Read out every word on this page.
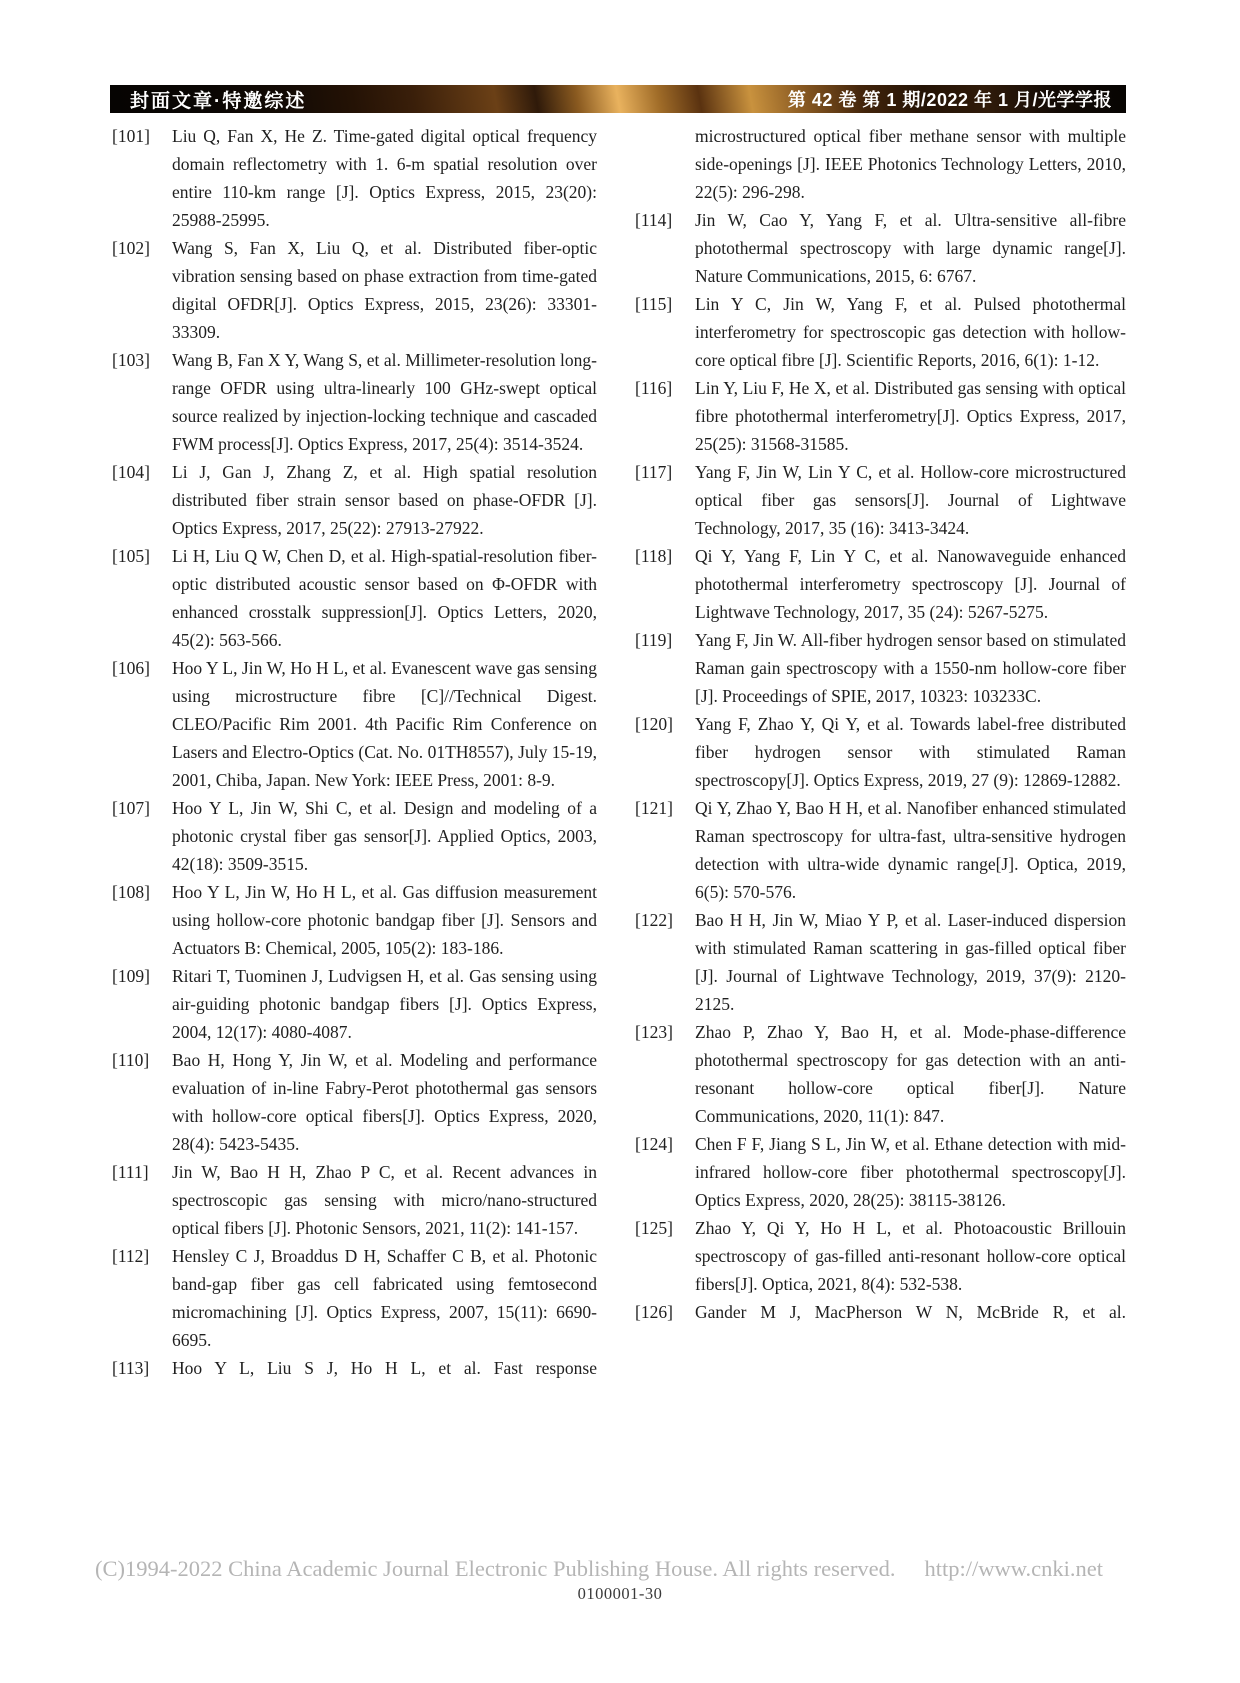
封面文章·特邀综述	第 42 卷 第 1 期/2022 年 1 月/光学学报
[101]	Liu Q, Fan X, He Z. Time-gated digital optical frequency domain reflectometry with 1. 6-m spatial resolution over entire 110-km range [J]. Optics Express, 2015, 23(20): 25988-25995.
[102]	Wang S, Fan X, Liu Q, et al. Distributed fiber-optic vibration sensing based on phase extraction from time-gated digital OFDR[J]. Optics Express, 2015, 23(26): 33301-33309.
[103]	Wang B, Fan X Y, Wang S, et al. Millimeter-resolution long-range OFDR using ultra-linearly 100 GHz-swept optical source realized by injection-locking technique and cascaded FWM process[J]. Optics Express, 2017, 25(4): 3514-3524.
[104]	Li J, Gan J, Zhang Z, et al. High spatial resolution distributed fiber strain sensor based on phase-OFDR [J]. Optics Express, 2017, 25(22): 27913-27922.
[105]	Li H, Liu Q W, Chen D, et al. High-spatial-resolution fiber-optic distributed acoustic sensor based on Φ-OFDR with enhanced crosstalk suppression[J]. Optics Letters, 2020, 45(2): 563-566.
[106]	Hoo Y L, Jin W, Ho H L, et al. Evanescent wave gas sensing using microstructure fibre [C]//Technical Digest. CLEO/Pacific Rim 2001. 4th Pacific Rim Conference on Lasers and Electro-Optics (Cat. No. 01TH8557), July 15-19, 2001, Chiba, Japan. New York: IEEE Press, 2001: 8-9.
[107]	Hoo Y L, Jin W, Shi C, et al. Design and modeling of a photonic crystal fiber gas sensor[J]. Applied Optics, 2003, 42(18): 3509-3515.
[108]	Hoo Y L, Jin W, Ho H L, et al. Gas diffusion measurement using hollow-core photonic bandgap fiber [J]. Sensors and Actuators B: Chemical, 2005, 105(2): 183-186.
[109]	Ritari T, Tuominen J, Ludvigsen H, et al. Gas sensing using air-guiding photonic bandgap fibers [J]. Optics Express, 2004, 12(17): 4080-4087.
[110]	Bao H, Hong Y, Jin W, et al. Modeling and performance evaluation of in-line Fabry-Perot photothermal gas sensors with hollow-core optical fibers[J]. Optics Express, 2020, 28(4): 5423-5435.
[111]	Jin W, Bao H H, Zhao P C, et al. Recent advances in spectroscopic gas sensing with micro/nano-structured optical fibers [J]. Photonic Sensors, 2021, 11(2): 141-157.
[112]	Hensley C J, Broaddus D H, Schaffer C B, et al. Photonic band-gap fiber gas cell fabricated using femtosecond micromachining [J]. Optics Express, 2007, 15(11): 6690-6695.
[113]	Hoo Y L, Liu S J, Ho H L, et al. Fast response
microstructured optical fiber methane sensor with multiple side-openings [J]. IEEE Photonics Technology Letters, 2010, 22(5): 296-298.
[114]	Jin W, Cao Y, Yang F, et al. Ultra-sensitive all-fibre photothermal spectroscopy with large dynamic range[J]. Nature Communications, 2015, 6: 6767.
[115]	Lin Y C, Jin W, Yang F, et al. Pulsed photothermal interferometry for spectroscopic gas detection with hollow-core optical fibre [J]. Scientific Reports, 2016, 6(1): 1-12.
[116]	Lin Y, Liu F, He X, et al. Distributed gas sensing with optical fibre photothermal interferometry[J]. Optics Express, 2017, 25(25): 31568-31585.
[117]	Yang F, Jin W, Lin Y C, et al. Hollow-core microstructured optical fiber gas sensors[J]. Journal of Lightwave Technology, 2017, 35 (16): 3413-3424.
[118]	Qi Y, Yang F, Lin Y C, et al. Nanowaveguide enhanced photothermal interferometry spectroscopy [J]. Journal of Lightwave Technology, 2017, 35 (24): 5267-5275.
[119]	Yang F, Jin W. All-fiber hydrogen sensor based on stimulated Raman gain spectroscopy with a 1550-nm hollow-core fiber [J]. Proceedings of SPIE, 2017, 10323: 103233C.
[120]	Yang F, Zhao Y, Qi Y, et al. Towards label-free distributed fiber hydrogen sensor with stimulated Raman spectroscopy[J]. Optics Express, 2019, 27 (9): 12869-12882.
[121]	Qi Y, Zhao Y, Bao H H, et al. Nanofiber enhanced stimulated Raman spectroscopy for ultra-fast, ultra-sensitive hydrogen detection with ultra-wide dynamic range[J]. Optica, 2019, 6(5): 570-576.
[122]	Bao H H, Jin W, Miao Y P, et al. Laser-induced dispersion with stimulated Raman scattering in gas-filled optical fiber [J]. Journal of Lightwave Technology, 2019, 37(9): 2120-2125.
[123]	Zhao P, Zhao Y, Bao H, et al. Mode-phase-difference photothermal spectroscopy for gas detection with an anti-resonant hollow-core optical fiber[J]. Nature Communications, 2020, 11(1): 847.
[124]	Chen F F, Jiang S L, Jin W, et al. Ethane detection with mid-infrared hollow-core fiber photothermal spectroscopy[J]. Optics Express, 2020, 28(25): 38115-38126.
[125]	Zhao Y, Qi Y, Ho H L, et al. Photoacoustic Brillouin spectroscopy of gas-filled anti-resonant hollow-core optical fibers[J]. Optica, 2021, 8(4): 532-538.
[126]	Gander M J, MacPherson W N, McBride R, et al.
(C)1994-2022 China Academic Journal Electronic Publishing House. All rights reserved. http://www.cnki.net
0100001-30
